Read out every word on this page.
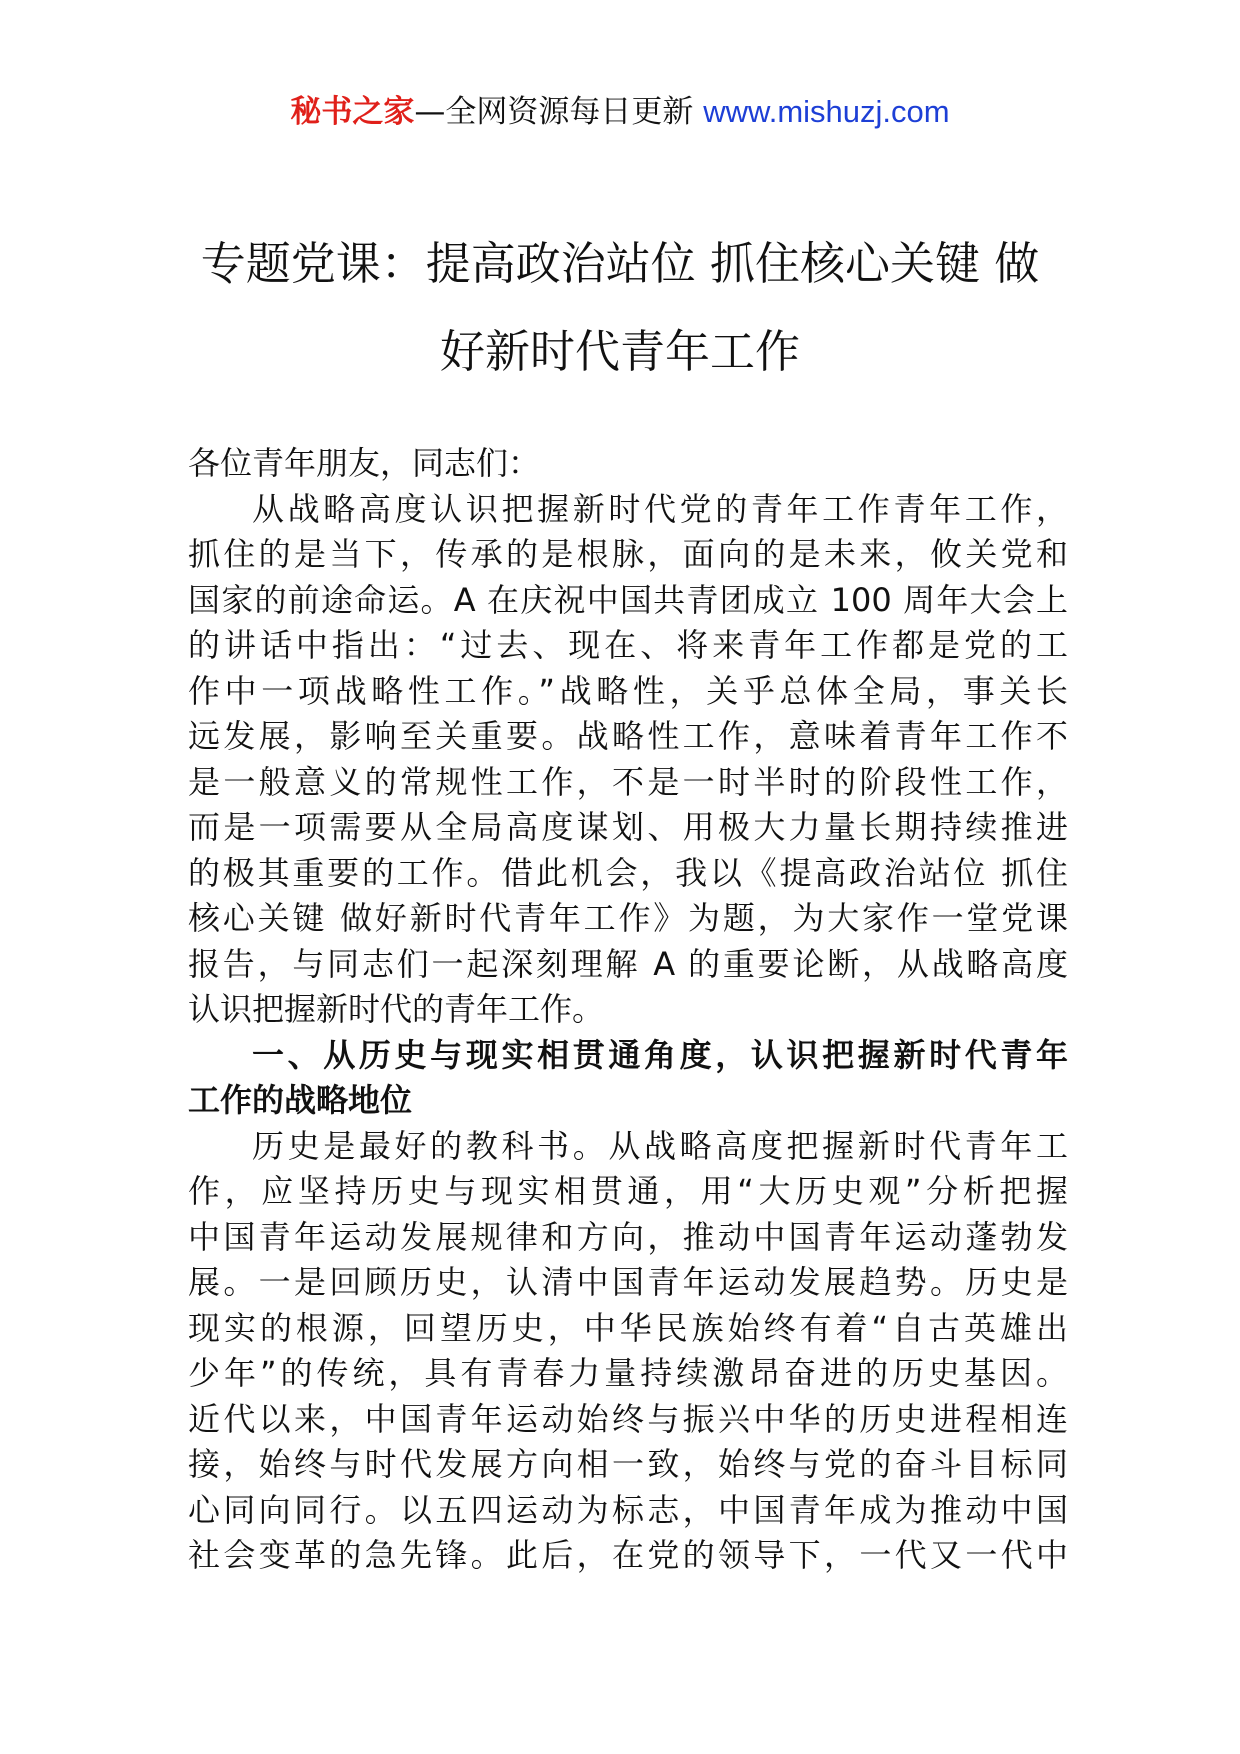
秘书之家—全网资源每日更新 www.mishuzj.com
专题党课：提高政治站位 抓住核心关键 做
好新时代青年工作
各位青年朋友，同志们：
从战略高度认识把握新时代党的青年工作青年工作，
抓住的是当下，传承的是根脉，面向的是未来，攸关党和
国家的前途命运。A 在庆祝中国共青团成立 100 周年大会上
的讲话中指出：“过去、现在、将来青年工作都是党的工
作中一项战略性工作。”战略性，关乎总体全局，事关长
远发展，影响至关重要。战略性工作，意味着青年工作不
是一般意义的常规性工作，不是一时半时的阶段性工作，
而是一项需要从全局高度谋划、用极大力量长期持续推进
的极其重要的工作。借此机会，我以《提高政治站位 抓住
核心关键 做好新时代青年工作》为题，为大家作一堂党课
报告，与同志们一起深刻理解 A 的重要论断，从战略高度
认识把握新时代的青年工作。
一、从历史与现实相贯通角度，认识把握新时代青年
工作的战略地位
历史是最好的教科书。从战略高度把握新时代青年工
作，应坚持历史与现实相贯通，用“大历史观”分析把握
中国青年运动发展规律和方向，推动中国青年运动蓬勃发
展。一是回顾历史，认清中国青年运动发展趋势。历史是
现实的根源，回望历史，中华民族始终有着“自古英雄出
少年”的传统，具有青春力量持续激昂奋进的历史基因。
近代以来，中国青年运动始终与振兴中华的历史进程相连
接，始终与时代发展方向相一致，始终与党的奋斗目标同
心同向同行。以五四运动为标志，中国青年成为推动中国
社会变革的急先锋。此后，在党的领导下，一代又一代中
